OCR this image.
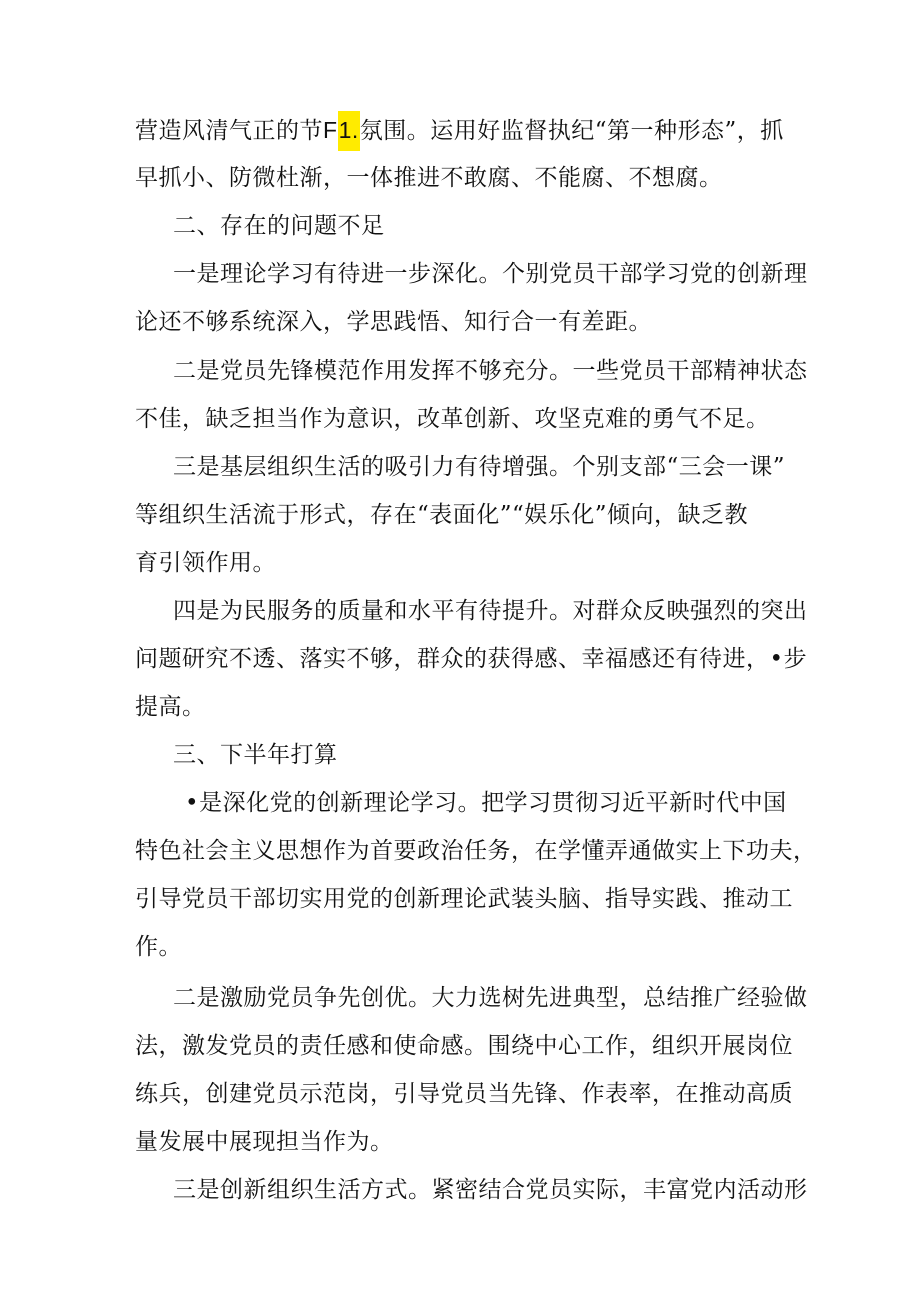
营造风清气正的节F1.氛围。运用好监督执纪“第一种形态”，抓
早抓小、防微杜渐，一体推进不敢腐、不能腐、不想腐。
二、存在的问题不足
一是理论学习有待进一步深化。个别党员干部学习党的创新理
论还不够系统深入，学思践悟、知行合一有差距。
二是党员先锋模范作用发挥不够充分。一些党员干部精神状态
不佳，缺乏担当作为意识，改革创新、攻坚克难的勇气不足。
三是基层组织生活的吸引力有待增强。个别支部“三会一课”
等组织生活流于形式，存在“表面化”“娱乐化”倾向，缺乏教
育引领作用。
四是为民服务的质量和水平有待提升。对群众反映强烈的突出
问题研究不透、落实不够，群众的获得感、幸福感还有待进，•步
提高。
三、下半年打算
•是深化党的创新理论学习。把学习贯彻习近平新时代中国
特色社会主义思想作为首要政治任务，在学懂弄通做实上下功夫，
引导党员干部切实用党的创新理论武装头脑、指导实践、推动工
作。
二是激励党员争先创优。大力选树先进典型，总结推广经验做
法，激发党员的责任感和使命感。围绕中心工作，组织开展岗位
练兵，创建党员示范岗，引导党员当先锋、作表率，在推动高质
量发展中展现担当作为。
三是创新组织生活方式。紧密结合党员实际，丰富党内活动形
